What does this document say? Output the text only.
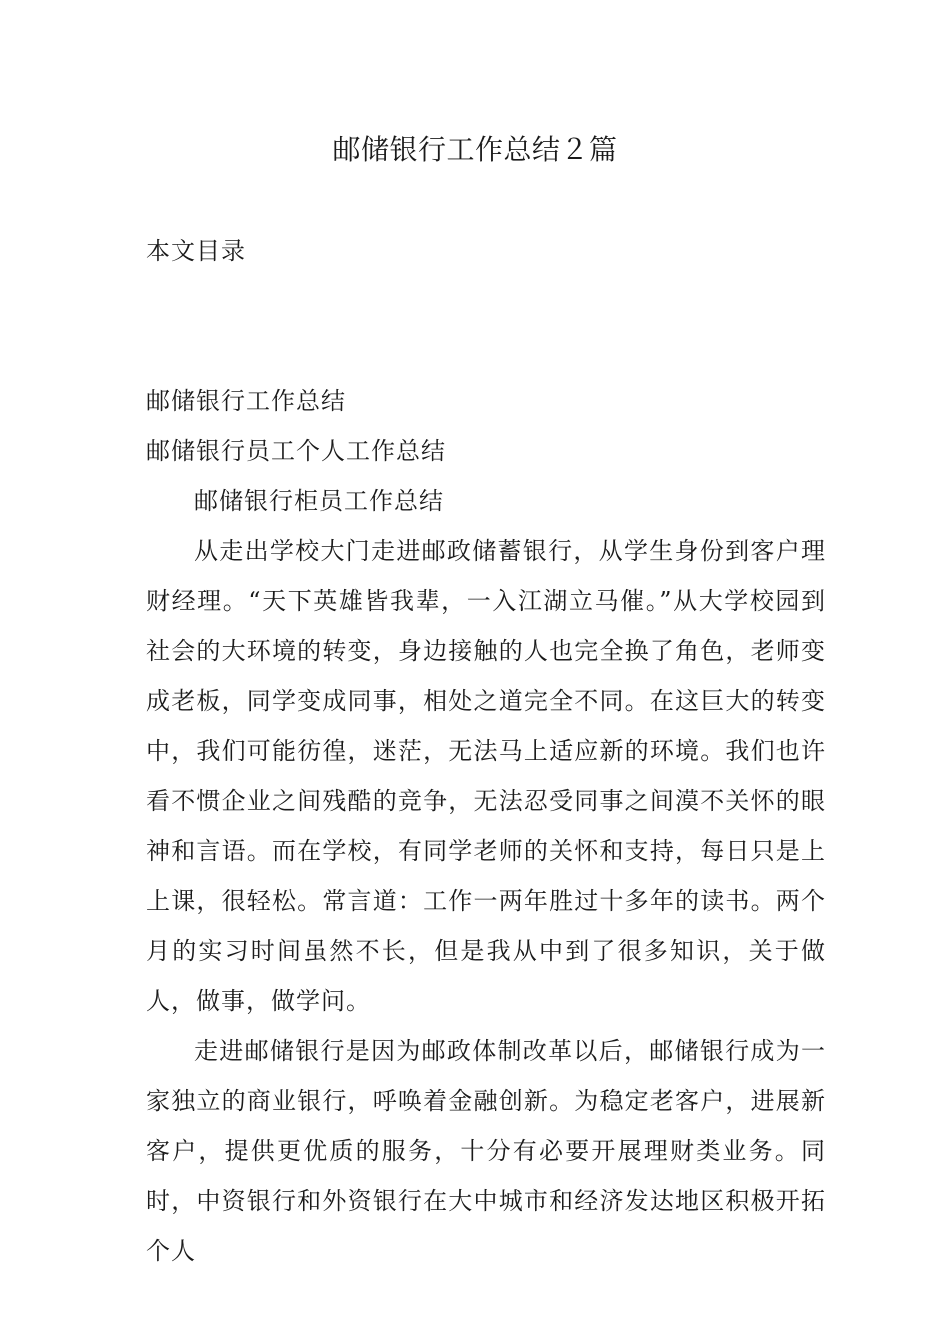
邮储银行工作总结２篇
本文目录
邮储银行工作总结
邮储银行员工个人工作总结
邮储银行柜员工作总结

从走出学校大门走进邮政储蓄银行，从学生身份到客户理财经理。“天下英雄皆我辈，一入江湖立马催。”从大学校园到社会的大环境的转变，身边接触的人也完全换了角色，老师变成老板，同学变成同事，相处之道完全不同。在这巨大的转变中，我们可能彷徨，迷茫，无法马上适应新的环境。我们也许看不惯企业之间残酷的竞争，无法忍受同事之间漠不关怀的眼神和言语。而在学校，有同学老师的关怀和支持，每日只是上上课，很轻松。常言道：工作一两年胜过十多年的读书。两个月的实习时间虽然不长，但是我从中到了很多知识，关于做人，做事，做学问。

走进邮储银行是因为邮政体制改革以后，邮储银行成为一家独立的商业银行，呼唤着金融创新。为稳定老客户，进展新客户，提供更优质的服务，十分有必要开展理财类业务。同时，中资银行和外资银行在大中城市和经济发达地区积极开拓个人
